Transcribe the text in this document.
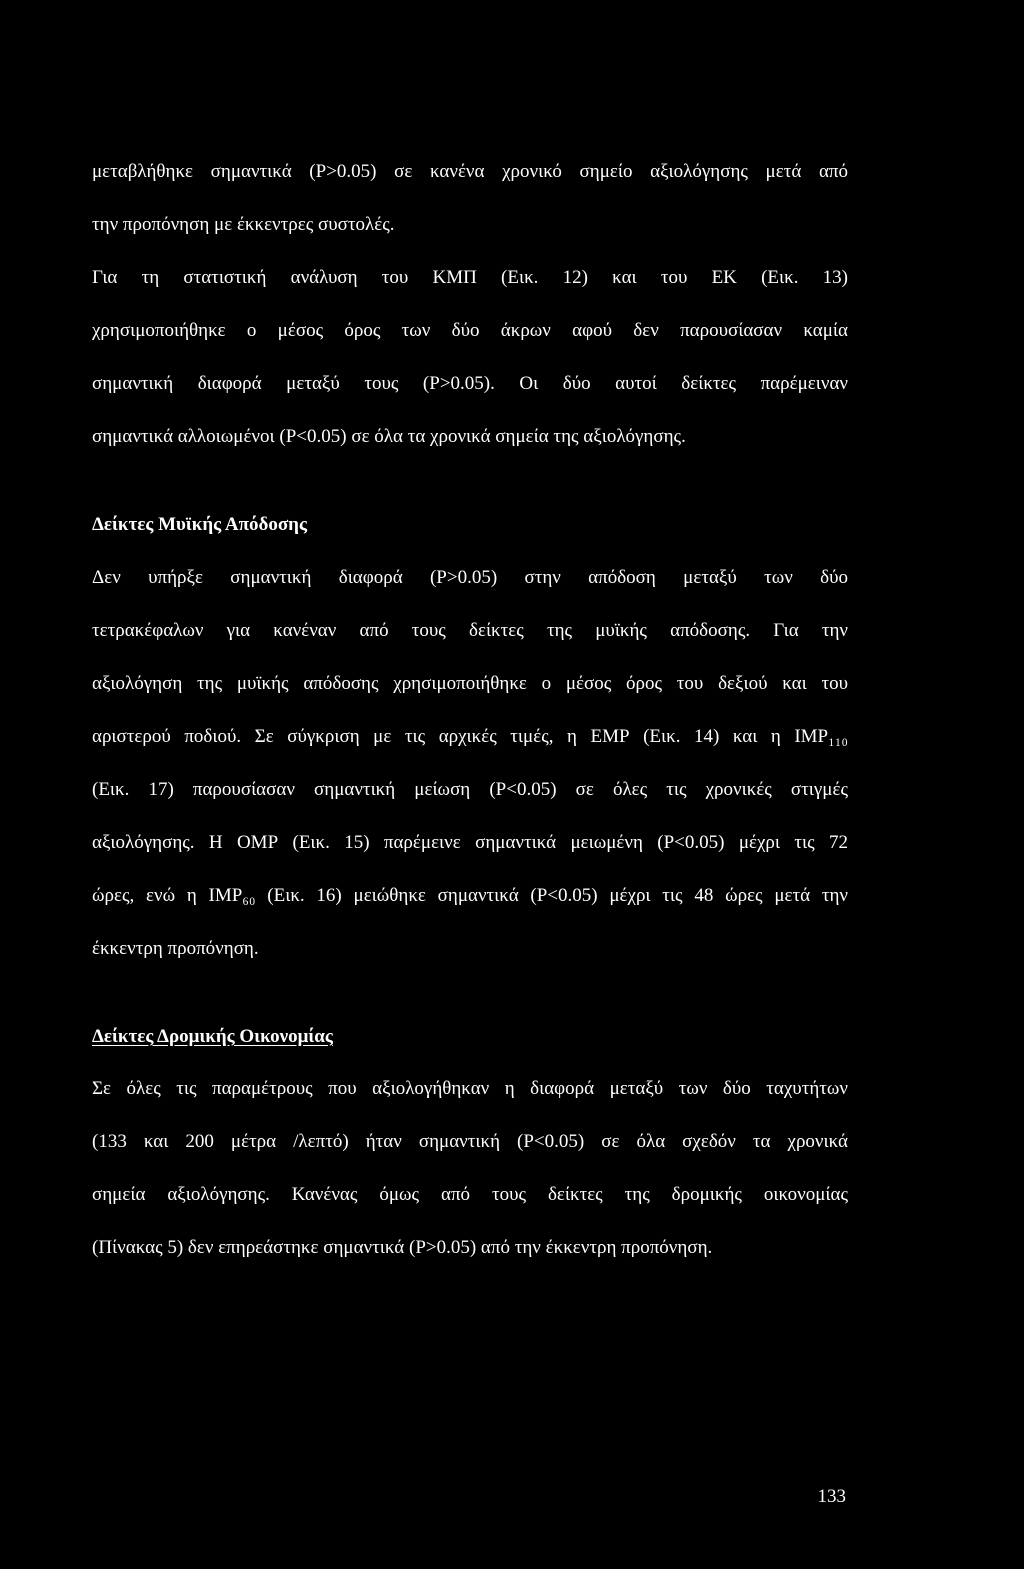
μεταβλήθηκε σημαντικά (Ρ>0.05) σε κανένα χρονικό σημείο αξιολόγησης μετά από
την προπόνηση με έκκεντρες συστολές.
Για τη στατιστική ανάλυση του ΚΜΠ (Εικ. 12) και του ΕΚ (Εικ. 13)
χρησιμοποιήθηκε ο μέσος όρος των δύο άκρων αφού δεν παρουσίασαν καμία
σημαντική διαφορά μεταξύ τους (Ρ>0.05). Οι δύο αυτοί δείκτες παρέμειναν
σημαντικά αλλοιωμένοι (Ρ<0.05) σε όλα τα χρονικά σημεία της αξιολόγησης.
Δείκτες Μυϊκής Απόδοσης
Δεν υπήρξε σημαντική διαφορά (Ρ>0.05) στην απόδοση μεταξύ των δύο
τετρακέφαλων για κανέναν από τους δείκτες της μυϊκής απόδοσης. Για την
αξιολόγηση της μυϊκής απόδοσης χρησιμοποιήθηκε ο μέσος όρος του δεξιού και του
αριστερού ποδιού. Σε σύγκριση με τις αρχικές τιμές, η ΕΜΡ (Εικ. 14) και η IMP₁₁₀
(Εικ. 17) παρουσίασαν σημαντική μείωση (Ρ<0.05) σε όλες τις χρονικές στιγμές
αξιολόγησης. Η ΟΜΡ (Εικ. 15) παρέμεινε σημαντικά μειωμένη (Ρ<0.05) μέχρι τις 72
ώρες, ενώ η IMP₆₀ (Εικ. 16) μειώθηκε σημαντικά (Ρ<0.05) μέχρι τις 48 ώρες μετά την
έκκεντρη προπόνηση.
Δείκτες Δρομικής Οικονομίας
Σε όλες τις παραμέτρους που αξιολογήθηκαν η διαφορά μεταξύ των δύο ταχυτήτων
(133 και 200 μέτρα /λεπτό) ήταν σημαντική (Ρ<0.05) σε όλα σχεδόν τα χρονικά
σημεία αξιολόγησης. Κανένας όμως από τους δείκτες της δρομικής οικονομίας
(Πίνακας 5) δεν επηρεάστηκε σημαντικά (Ρ>0.05) από την έκκεντρη προπόνηση.
133
